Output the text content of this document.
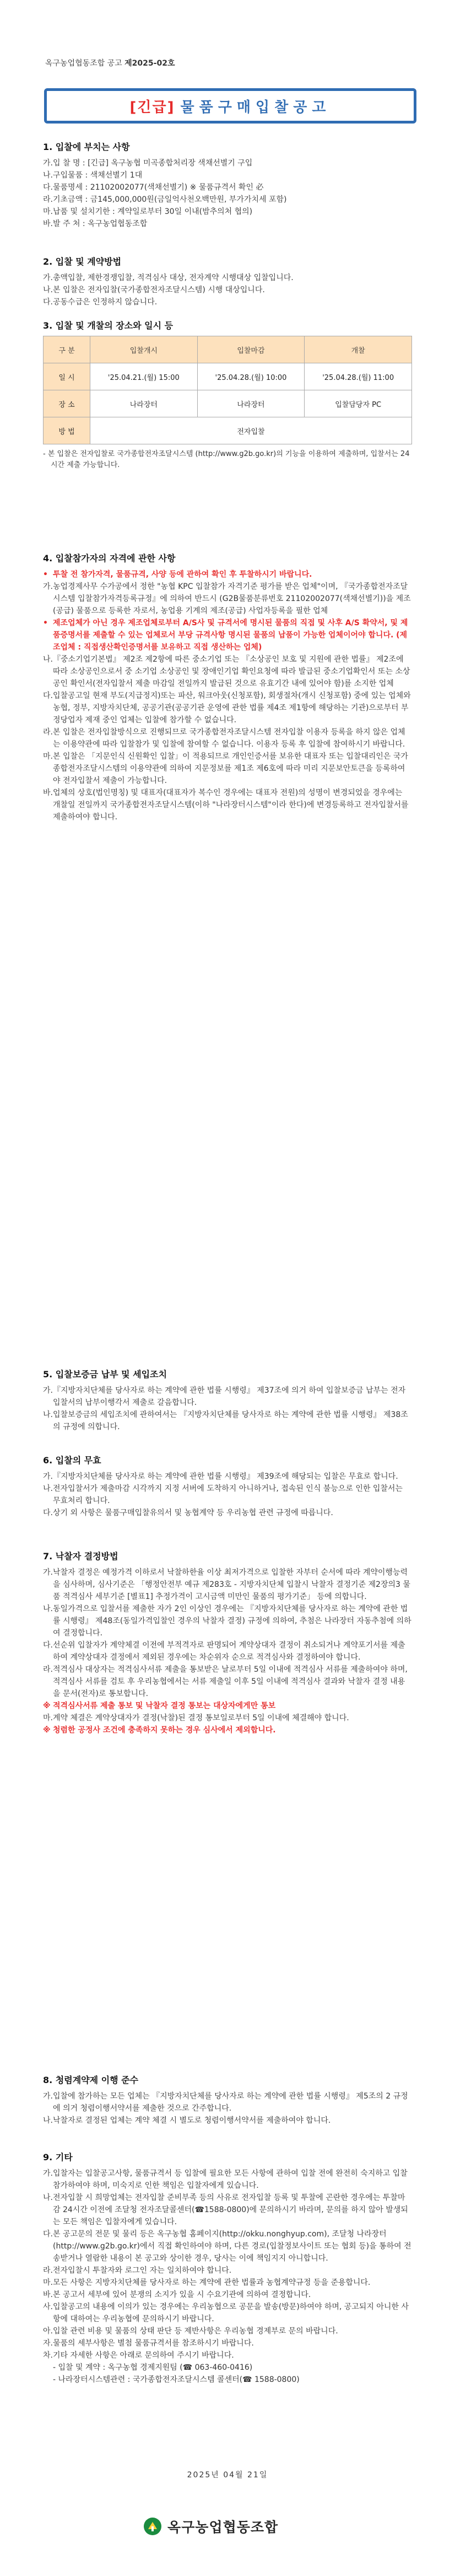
옥구농업협동조합 공고 제2025-02호
[긴급] 물품구매입찰공고
1. 입찰에 부치는 사항
가.입 찰 명 : [긴급] 옥구농협 미곡종합처리장 색채선별기 구입
나.구입물품 : 색채선별기 1대
다.물품명세 : 21102002077(색채선별기) ※ 물품규격서 확인 必
라.기초금액 : 금145,000,000원(금일억사천오백만원, 부가가치세 포함)
마.납품 및 설치기한 : 계약일로부터 30일 이내(밤추의처 협의)
바.발 주 처 : 옥구농업협동조합
2. 입찰 및 계약방법
가.총액입찰, 제한경쟁입찰, 적격심사 대상, 전자계약 시행대상 입찰입니다.
나.본 입찰은 전자입찰(국가종합전자조달시스템) 시행 대상입니다.
다.공동수급은 인정하지 않습니다.
3. 입찰 및 개찰의 장소와 일시 등
구 분	입찰개시	입찰마감	개찰
일 시	'25.04.21.(월) 15:00	'25.04.28.(월) 10:00	'25.04.28.(월) 11:00
장 소	나라장터	나라장터	입찰담당자 PC
방 법	전자입찰		
- 본 입찰은 전자입찰로 국가종합전자조달시스템 (http://www.g2b.go.kr)의 기능을 이용하여 제출하며, 입찰서는 24시간 제출 가능합니다.
4. 입찰참가자의 자격에 관한 사항
• 투찰 전 참가자격, 물품규격, 사양 등에 관하여 확인 후 투찰하시기 바랍니다.
가.농업경제사무 수가공에서 정한 "농협 KPC 입찰참가 자격기준 평가를 받은 업체"이며, 『국가종합전자조달시스템 입찰참가자격등록규정』에 의하여 반드시 (G2B물품분류번호 21102002077(색채선별기))을 제조(공급) 물품으로 등록한 자로서, 농업용 기계의 제조(공급) 사업자등록을 필한 업체
• 제조업체가 아닌 경우 제조업체로부터 A/S사 및 규격서에 명시된 물품의 직접 및 사후 A/S 확약서, 및 제품증명서를 제출할 수 있는 업체로서 부당 규격사항 명시된 물품의 납품이 가능한 업체이어야 합니다. (제조업체 : 직접생산확인증명서를 보유하고 직접 생산하는 업체)
나.『중소기업기본법』 제2조 제2항에 따른 중소기업 또는 『소상공인 보호 및 지원에 관한 법률』 제2조에 따라 소상공인으로서 중 소기업 소상공인 및 장애인기업 확인요청에 따라 발급된 중소기업확인서 또는 소상공인 확인서(전자입찰서 제출 마감일 전일까지 발급된 것으로 유효기간 내에 있어야 함)를 소지한 업체
다.입찰공고일 현재 부도(지급정지)또는 파산, 워크아웃(신청포함), 회생절차(개시 신청포함) 중에 있는 업체와 농협, 정부, 지방자치단체, 공공기관(공공기관 운영에 관한 법률 제4조 제1항에 해당하는 기관)으로부터 부정당업자 제재 중인 업체는 입찰에 참가할 수 없습니다.
라.본 입찰은 전자입찰방식으로 진행되므로 국가종합전자조달시스템 전자입찰 이용자 등록을 하지 않은 업체는 이용약관에 따라 입찰참가 및 입찰에 참여할 수 없습니다. 이용자 등록 후 입찰에 참여하시기 바랍니다.
마.본 입찰은 「지문인식 신원확인 입찰」이 적용되므로 개인인증서를 보유한 대표자 또는 입찰대리인은 국가종합전자조달시스템의 이용약관에 의하여 지문정보를 제1조 제6호에 따라 미리 지문보안토큰을 등록하여야 전자입찰서 제출이 가능합니다.
바.업체의 상호(법인명칭) 및 대표자(대표자가 복수인 경우에는 대표자 전원)의 성명이 변경되었을 경우에는 개찰일 전일까지 국가종합전자조달시스템(이하 "나라장터시스템"이라 한다)에 변경등록하고 전자입찰서를 제출하여야 합니다.
5. 입찰보증금 납부 및 세입조치
가.『지방자치단체를 당사자로 하는 계약에 관한 법률 시행령』 제37조에 의거 하여 입찰보증금 납부는 전자입찰서의 납부이행각서 제출로 갈음합니다.
나.입찰보증금의 세입조치에 관하여서는 『지방자치단체를 당사자로 하는 계약에 관한 법률 시행령』 제38조의 규정에 의합니다.
6. 입찰의 무효
가.『지방자치단체를 당사자로 하는 계약에 관한 법률 시행령』 제39조에 해당되는 입찰은 무효로 합니다.
나.전자입찰서가 제출마감 시각까지 지정 서버에 도착하지 아니하거나, 접속된 인식 불능으로 인한 입찰서는 무효처리 합니다.
다.상기 외 사항은 물품구매입찰유의서 및 농협계약 등 우리농협 관련 규정에 따릅니다.
7. 낙찰자 결정방법
가.낙찰자 결정은 예정가격 이하로서 낙찰하한율 이상 최저가격으로 입찰한 자부터 순서에 따라 계약이행능력을 심사하며, 심사기준은 「행정안전부 예규 제283호 - 지방자치단체 입찰시 낙찰자 결정기준 제2장의3 물품 적격심사 세부기준 [별표1] 추정가격이 고시금액 미만인 물품의 평가기준」 등에 의합니다.
나.동일가격으로 입찰서를 제출한 자가 2인 이상인 경우에는 『지방자치단체를 당사자로 하는 계약에 관한 법률 시행령』 제48조(동일가격입찰인 경우의 낙찰자 결정) 규정에 의하여, 추첨은 나라장터 자동추첨에 의하여 결정합니다.
다.선순위 입찰자가 계약체결 이전에 부적격자로 판명되어 계약상대자 결정이 취소되거나 계약포기서를 제출하여 계약상대자 결정에서 제외된 경우에는 차순위자 순으로 적격심사와 결정하여야 합니다.
라.적격심사 대상자는 적격심사서류 제출을 통보받은 날로부터 5일 이내에 적격심사 서류를 제출하여야 하며, 적격심사 서류를 검토 후 우리농협에서는 서류 제출일 이후 5일 이내에 적격심사 결과와 낙찰자 결정 내용을 문서(전자)로 통보합니다.
※ 적격심사서류 제출 통보 및 낙찰자 결정 통보는 대상자에게만 통보
마.계약 체결은 계약상대자가 결정(낙찰)된 결정 통보일로부터 5일 이내에 체결해야 합니다.
※ 청렴한 공정사 조건에 충족하지 못하는 경우 심사에서 제외합니다.
8. 청렴계약제 이행 준수
가.입찰에 참가하는 모든 업체는 『지방자치단체를 당사자로 하는 계약에 관한 법률 시행령』 제5조의 2 규정에 의거 청렴이행서약서를 제출한 것으로 간주합니다.
나.낙찰자로 결정된 업체는 계약 체결 시 별도로 청렴이행서약서를 제출하여야 합니다.
9. 기타
가.입찰자는 입찰공고사항, 물품규격서 등 입찰에 필요한 모든 사항에 관하여 입찰 전에 완전히 숙지하고 입찰 참가하여야 하며, 미숙지로 인한 책임은 입찰자에게 있습니다.
나.전자입찰 시 희망업체는 전자입찰 준비부족 등의 사유로 전자입찰 등록 및 투찰에 곤란한 경우에는 투찰마감 24시간 이전에 조달청 전자조달콜센터(☎1588-0800)에 문의하시기 바라며, 문의를 하지 않아 발생되는 모든 책임은 입찰자에게 있습니다.
다.본 공고문의 전문 및 물리 등은 옥구농협 홈페이지(http://okku.nonghyup.com), 조달청 나라장터(http://www.g2b.go.kr)에서 직접 확인하여야 하며, 다른 경로(입찰정보사이트 또는 협회 등)을 통하여 전송받거나 열람한 내용이 본 공고와 상이한 경우, 당사는 이에 책임지지 아니합니다.
라.전자입찰시 투찰자와 로그인 자는 일치하여야 합니다.
마.모든 사항은 지방자치단체를 당사자로 하는 계약에 관한 법률과 농협계약규정 등을 준용합니다.
바.본 공고서 세부에 있어 분쟁의 소지가 있을 시 수요기관에 의하여 결정합니다.
사.입찰공고의 내용에 이의가 있는 경우에는 우리농협으로 공문을 발송(방문)하여야 하며, 공고되지 아니한 사항에 대하여는 우리농협에 문의하시기 바랍니다.
아.입찰 관련 비용 및 물품의 상태 판단 등 제반사항은 우리농협 경제부로 문의 바랍니다.
자.물품의 세부사항은 별첨 물품규격서를 참조하시기 바랍니다.
차.기타 자세한 사항은 아래로 문의하여 주시기 바랍니다.
- 입찰 및 계약 : 옥구농협 경제지원팀 (☎ 063-460-0416)
- 나라장터시스템관련 : 국가종합전자조달시스템 콜센터(☎ 1588-0800)
2025년 04월 21일
옥구농업협동조합
